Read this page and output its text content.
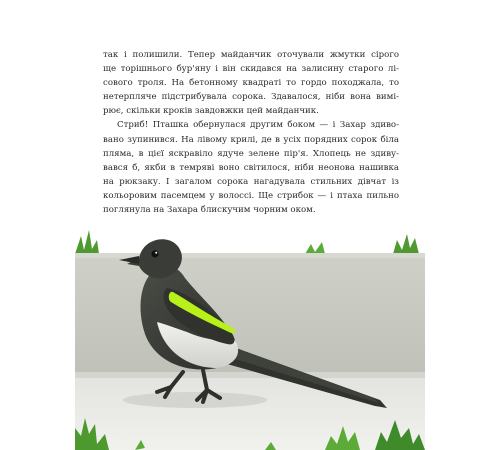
так і полишили. Тепер майданчик оточували жмутки сірого
ще торішнього бур'яну і він скидався на залисину старого лі-
сового троля. На бетонному квадраті то гордо походжала, то
нетерпляче підстрибувала сорока. Здавалося, ніби вона вимі-
рює, скільки кроків завдовжки цей майданчик.

Стриб! Пташка обернулася другим боком — і Захар здиво-
вано зупинився. На лівому крилі, де в усіх порядних сорок біла
пляма, в цієї яскравіло ядуче зелене пір'я. Хлопець не здиву-
вався б, якби в темряві воно світилося, ніби неонова нашивка
на рюкзаку. І загалом сорока нагадувала стильних дівчат із
кольоровим пасемцем у волоссі. Ще стрибок — і птаха пильно
поглянула на Захара блискучим чорним оком.
